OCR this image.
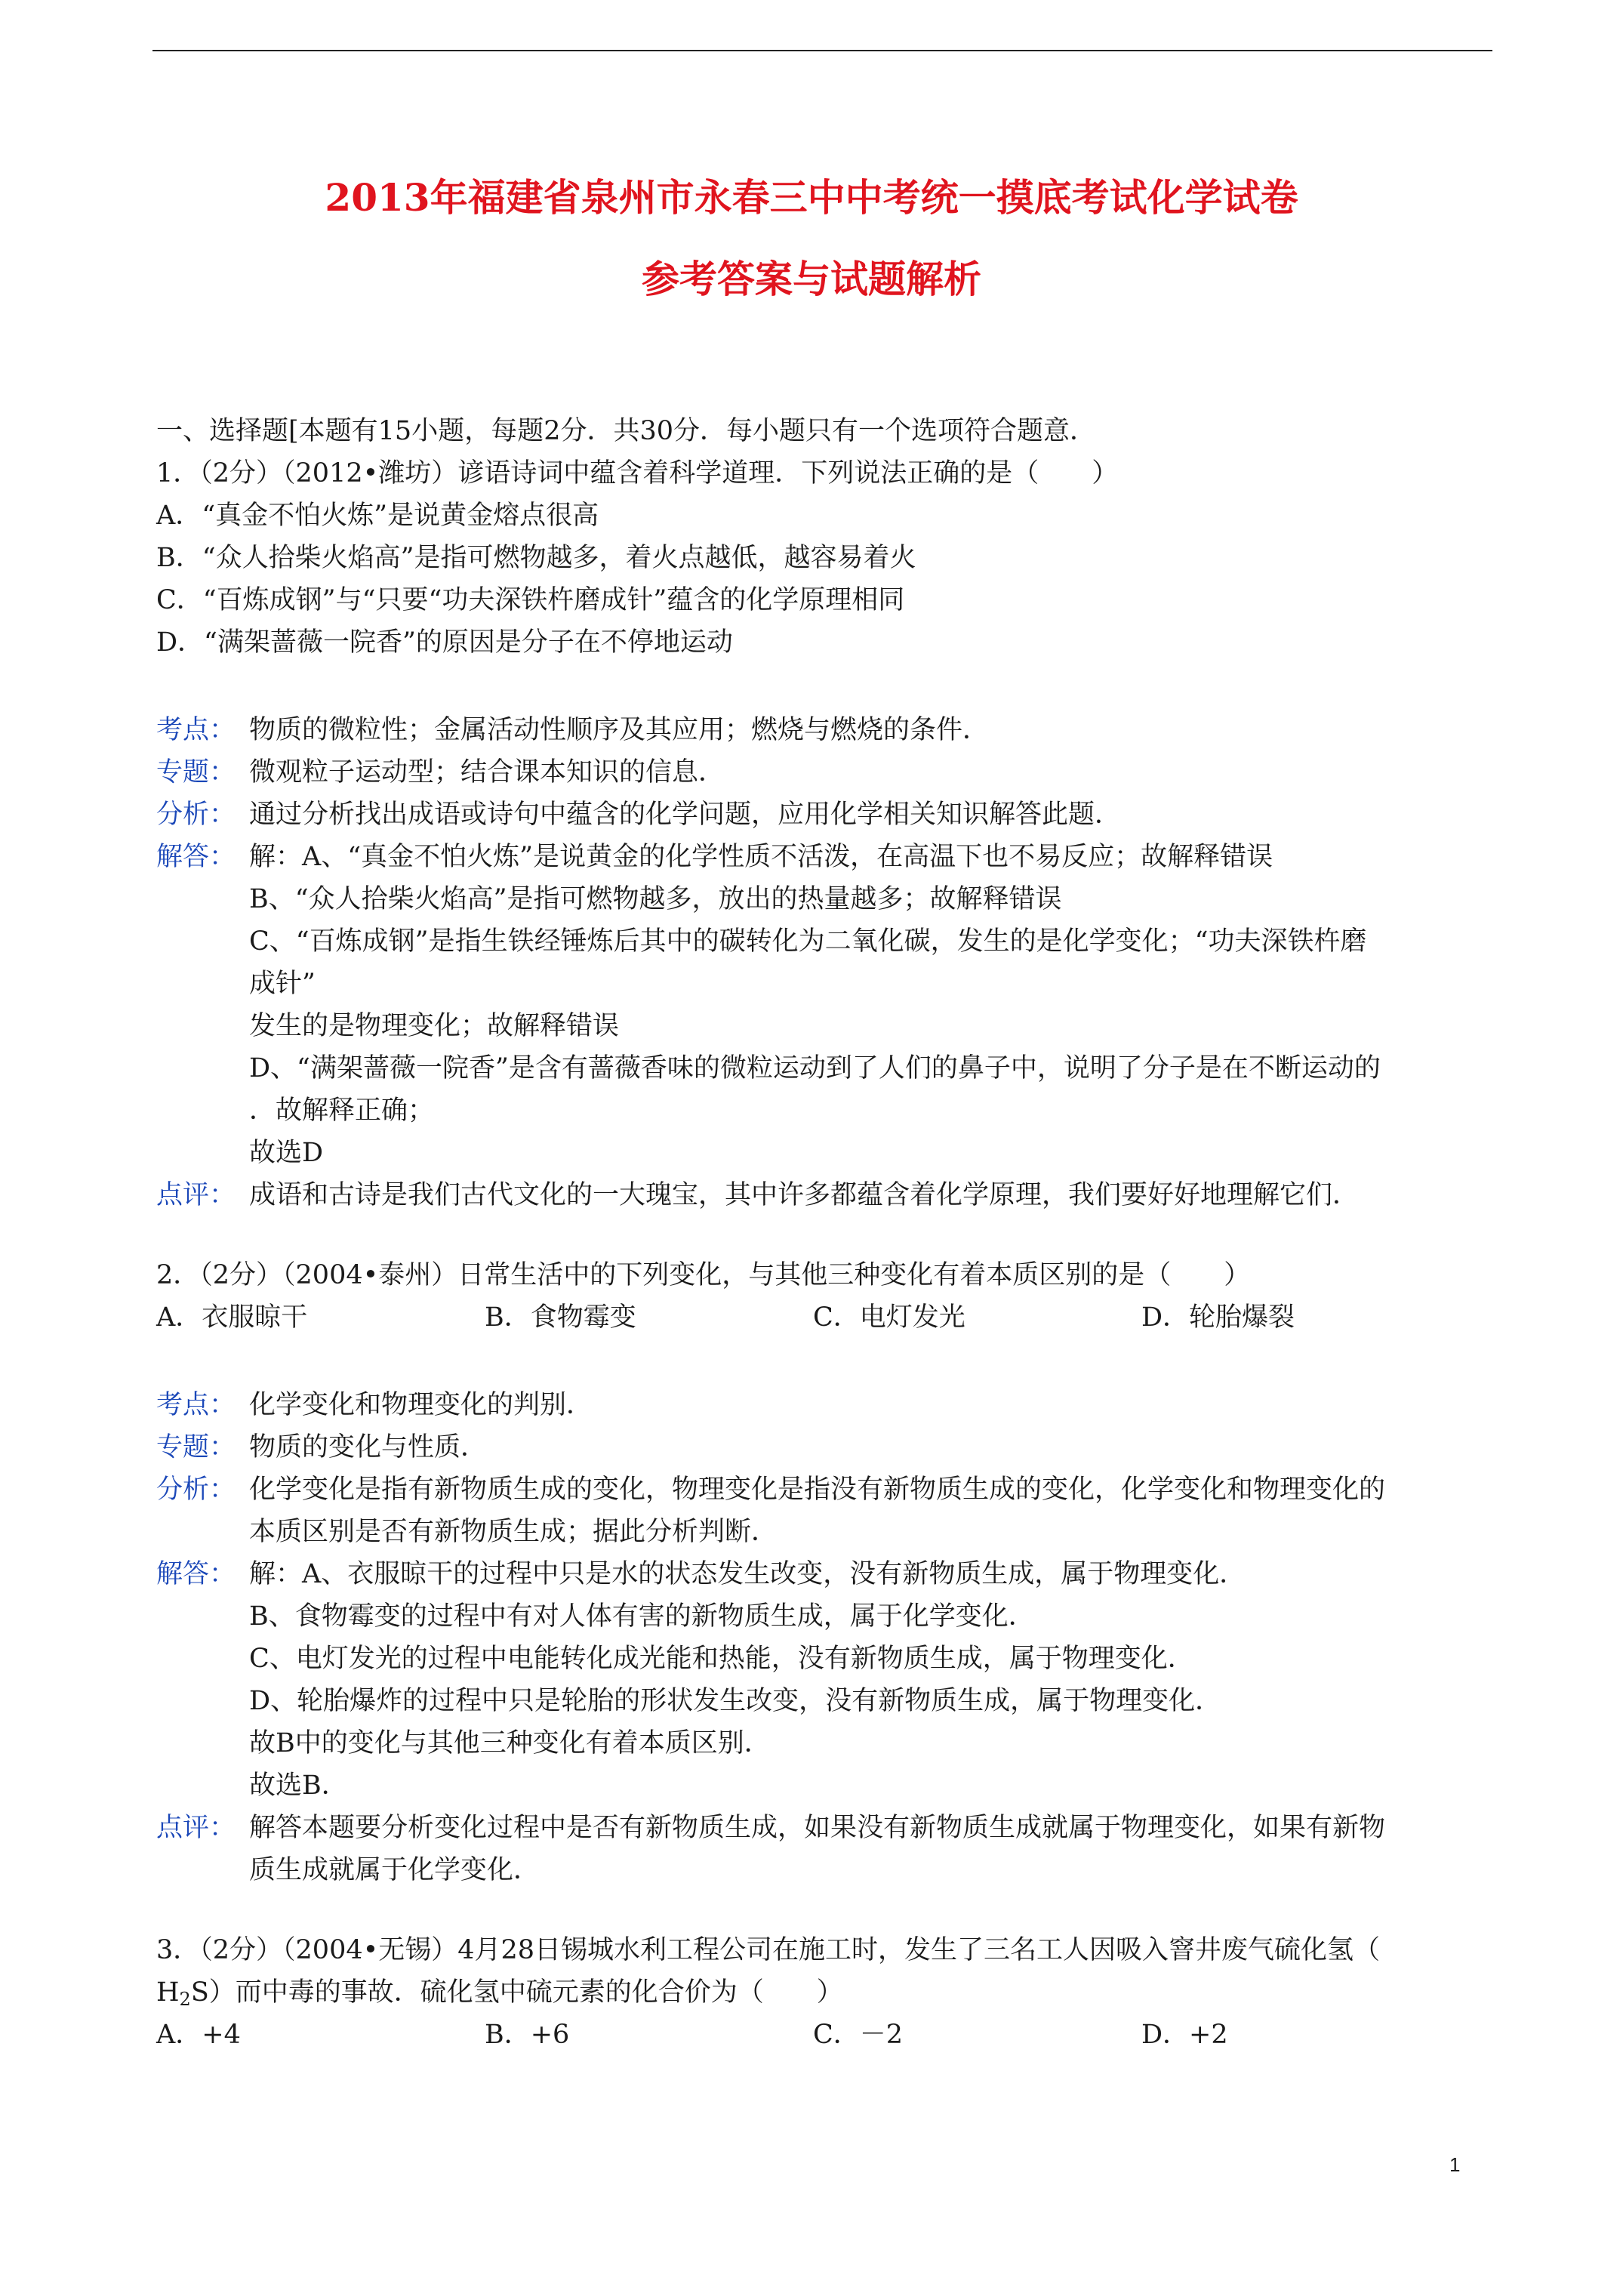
2013年福建省泉州市永春三中中考统一摸底考试化学试卷
参考答案与试题解析
一、选择题[本题有15小题，每题2分．共30分．每小题只有一个选项符合题意．
1．（2分）（2012•潍坊）谚语诗词中蕴含着科学道理．下列说法正确的是（　　）
A．“真金不怕火炼”是说黄金熔点很高
B．“众人拾柴火焰高”是指可燃物越多，着火点越低，越容易着火
C．“百炼成钢”与“只要“功夫深铁杵磨成针”蕴含的化学原理相同
D．“满架蔷薇一院香”的原因是分子在不停地运动
考点： 物质的微粒性；金属活动性顺序及其应用；燃烧与燃烧的条件．
专题： 微观粒子运动型；结合课本知识的信息．
分析： 通过分析找出成语或诗句中蕴含的化学问题，应用化学相关知识解答此题．
解答： 解：A、“真金不怕火炼”是说黄金的化学性质不活泼，在高温下也不易反应；故解释错误
B、“众人拾柴火焰高”是指可燃物越多，放出的热量越多；故解释错误
C、“百炼成钢”是指生铁经锤炼后其中的碳转化为二氧化碳，发生的是化学变化；“功夫深铁杵磨
成针”
发生的是物理变化；故解释错误
D、“满架蔷薇一院香”是含有蔷薇香味的微粒运动到了人们的鼻子中，说明了分子是在不断运动的
．故解释正确；
故选D
点评： 成语和古诗是我们古代文化的一大瑰宝，其中许多都蕴含着化学原理，我们要好好地理解它们．
2．（2分）（2004•泰州）日常生活中的下列变化，与其他三种变化有着本质区别的是（　　）
A．衣服晾干	B．食物霉变	C．电灯发光	D．轮胎爆裂
考点： 化学变化和物理变化的判别．
专题： 物质的变化与性质．
分析： 化学变化是指有新物质生成的变化，物理变化是指没有新物质生成的变化，化学变化和物理变化的
本质区别是否有新物质生成；据此分析判断．
解答： 解：A、衣服晾干的过程中只是水的状态发生改变，没有新物质生成，属于物理变化．
B、食物霉变的过程中有对人体有害的新物质生成，属于化学变化．
C、电灯发光的过程中电能转化成光能和热能，没有新物质生成，属于物理变化．
D、轮胎爆炸的过程中只是轮胎的形状发生改变，没有新物质生成，属于物理变化．
故B中的变化与其他三种变化有着本质区别．
故选B．
点评： 解答本题要分析变化过程中是否有新物质生成，如果没有新物质生成就属于物理变化，如果有新物
质生成就属于化学变化．
3．（2分）（2004•无锡）4月28日锡城水利工程公司在施工时，发生了三名工人因吸入窨井废气硫化氢（
$H_2S$）而中毒的事故．硫化氢中硫元素的化合价为（　　）
A．+4	B．+6	C．－2	D．+2
1
